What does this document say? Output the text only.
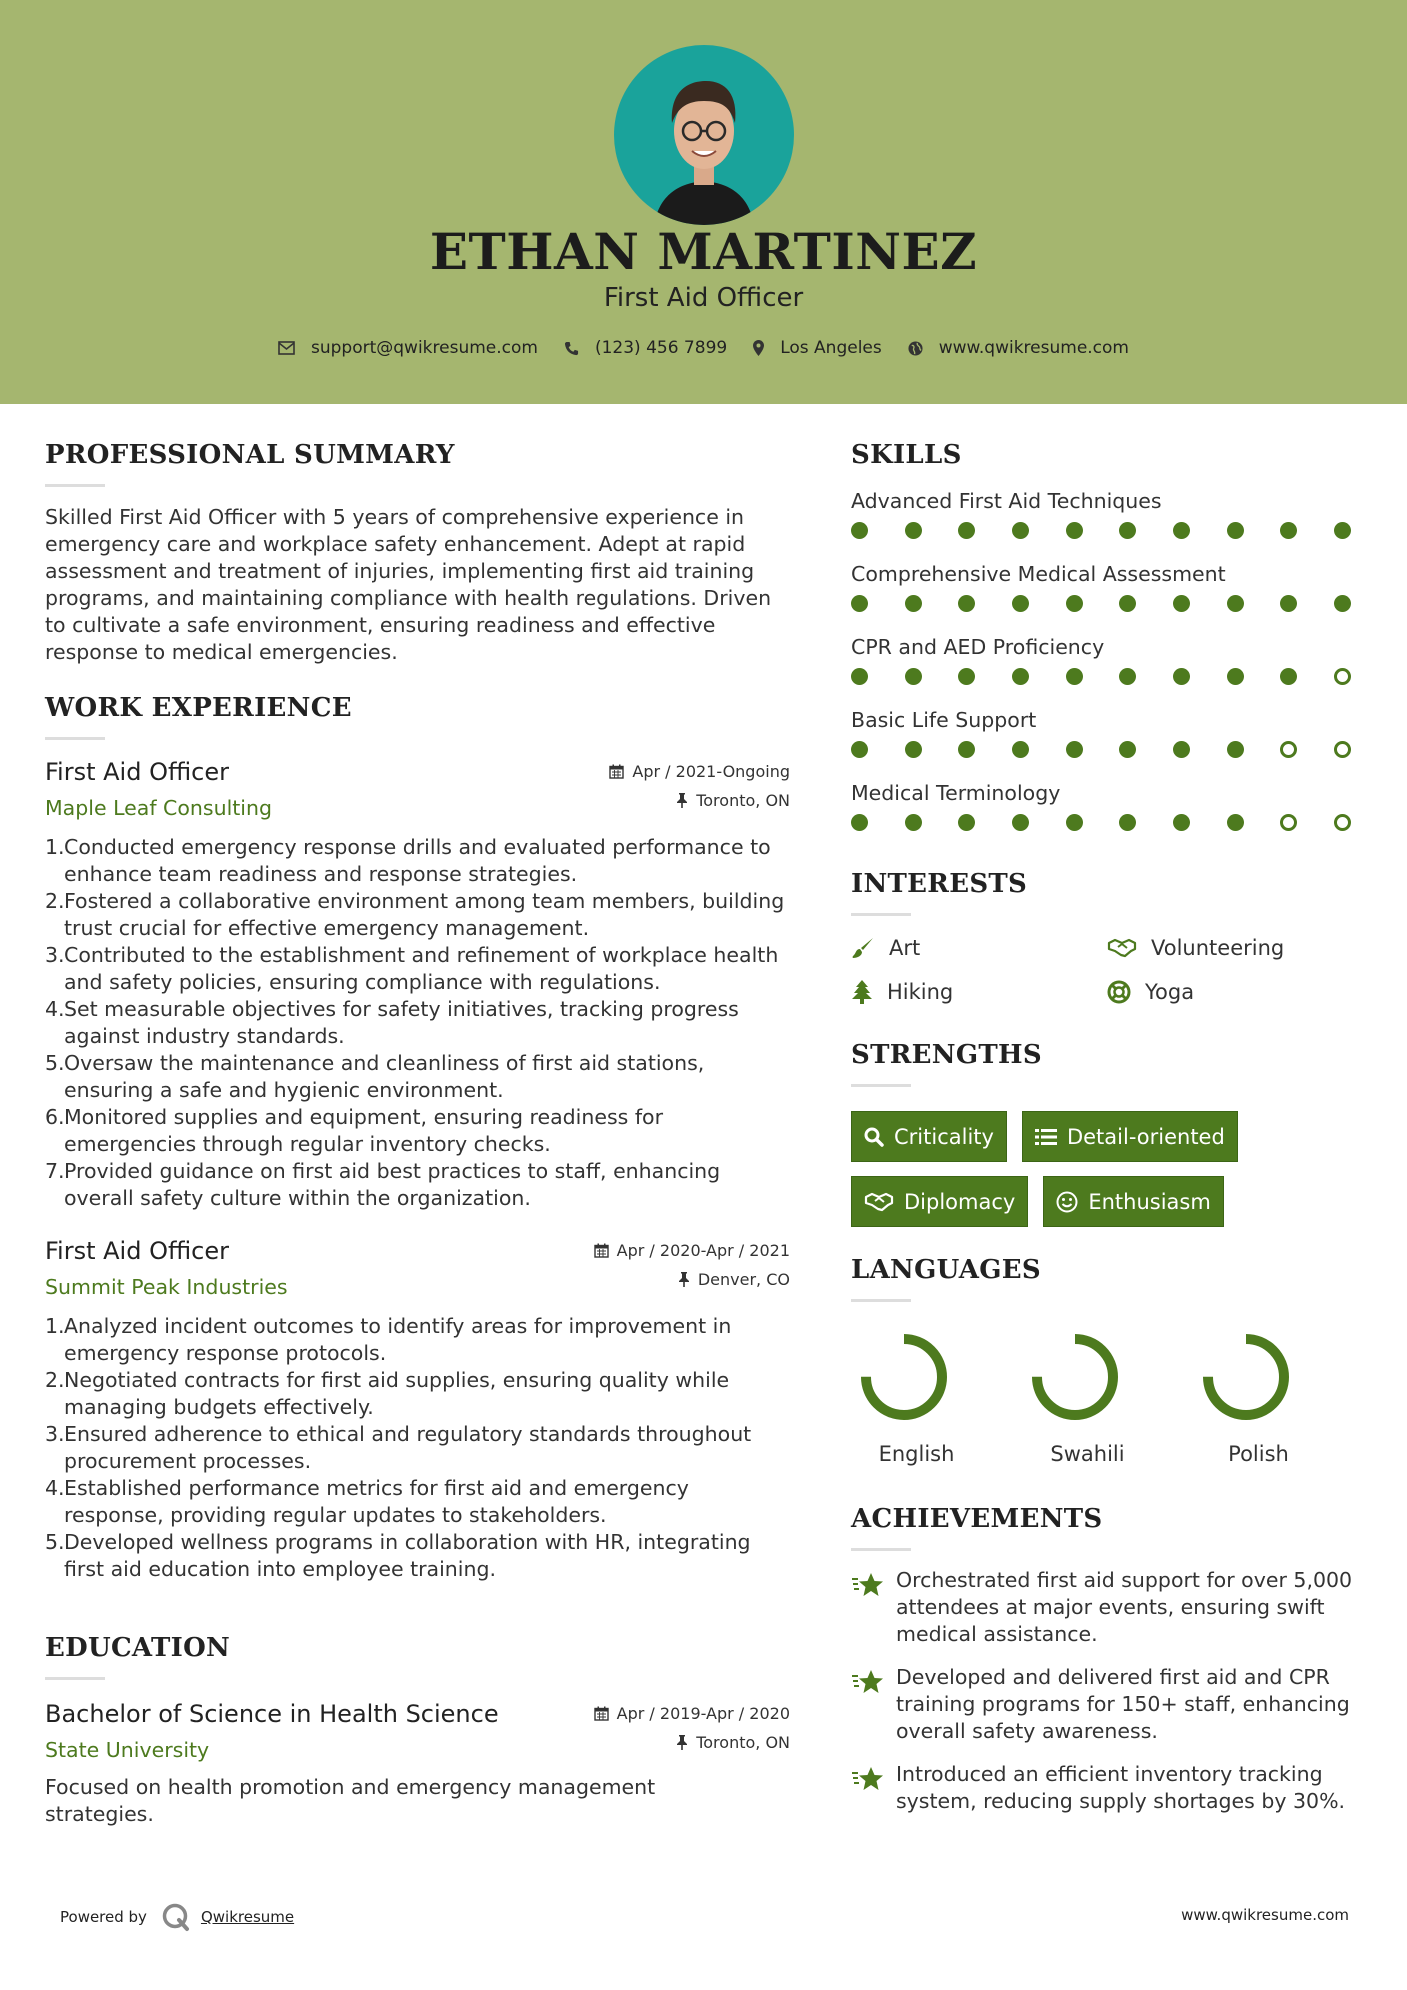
ETHAN MARTINEZ
First Aid Officer
support@qwikresume.com	(123) 456 7899	Los Angeles	www.qwikresume.com
PROFESSIONAL SUMMARY
Skilled First Aid Officer with 5 years of comprehensive experience in emergency care and workplace safety enhancement. Adept at rapid assessment and treatment of injuries, implementing first aid training programs, and maintaining compliance with health regulations. Driven to cultivate a safe environment, ensuring readiness and effective response to medical emergencies.
WORK EXPERIENCE
First Aid Officer
Maple Leaf Consulting
Apr / 2021-Ongoing
Toronto, ON
1. Conducted emergency response drills and evaluated performance to enhance team readiness and response strategies.
2. Fostered a collaborative environment among team members, building trust crucial for effective emergency management.
3. Contributed to the establishment and refinement of workplace health and safety policies, ensuring compliance with regulations.
4. Set measurable objectives for safety initiatives, tracking progress against industry standards.
5. Oversaw the maintenance and cleanliness of first aid stations, ensuring a safe and hygienic environment.
6. Monitored supplies and equipment, ensuring readiness for emergencies through regular inventory checks.
7. Provided guidance on first aid best practices to staff, enhancing overall safety culture within the organization.
First Aid Officer
Summit Peak Industries
Apr / 2020-Apr / 2021
Denver, CO
1. Analyzed incident outcomes to identify areas for improvement in emergency response protocols.
2. Negotiated contracts for first aid supplies, ensuring quality while managing budgets effectively.
3. Ensured adherence to ethical and regulatory standards throughout procurement processes.
4. Established performance metrics for first aid and emergency response, providing regular updates to stakeholders.
5. Developed wellness programs in collaboration with HR, integrating first aid education into employee training.
EDUCATION
Bachelor of Science in Health Science
State University
Apr / 2019-Apr / 2020
Toronto, ON
Focused on health promotion and emergency management strategies.
SKILLS
Advanced First Aid Techniques
Comprehensive Medical Assessment
CPR and AED Proficiency
Basic Life Support
Medical Terminology
INTERESTS
Art	Volunteering
Hiking	Yoga
STRENGTHS
Criticality	Detail-oriented
Diplomacy	Enthusiasm
LANGUAGES
English	Swahili	Polish
ACHIEVEMENTS
Orchestrated first aid support for over 5,000 attendees at major events, ensuring swift medical assistance.
Developed and delivered first aid and CPR training programs for 150+ staff, enhancing overall safety awareness.
Introduced an efficient inventory tracking system, reducing supply shortages by 30%.
Powered by	Qwikresume	www.qwikresume.com
